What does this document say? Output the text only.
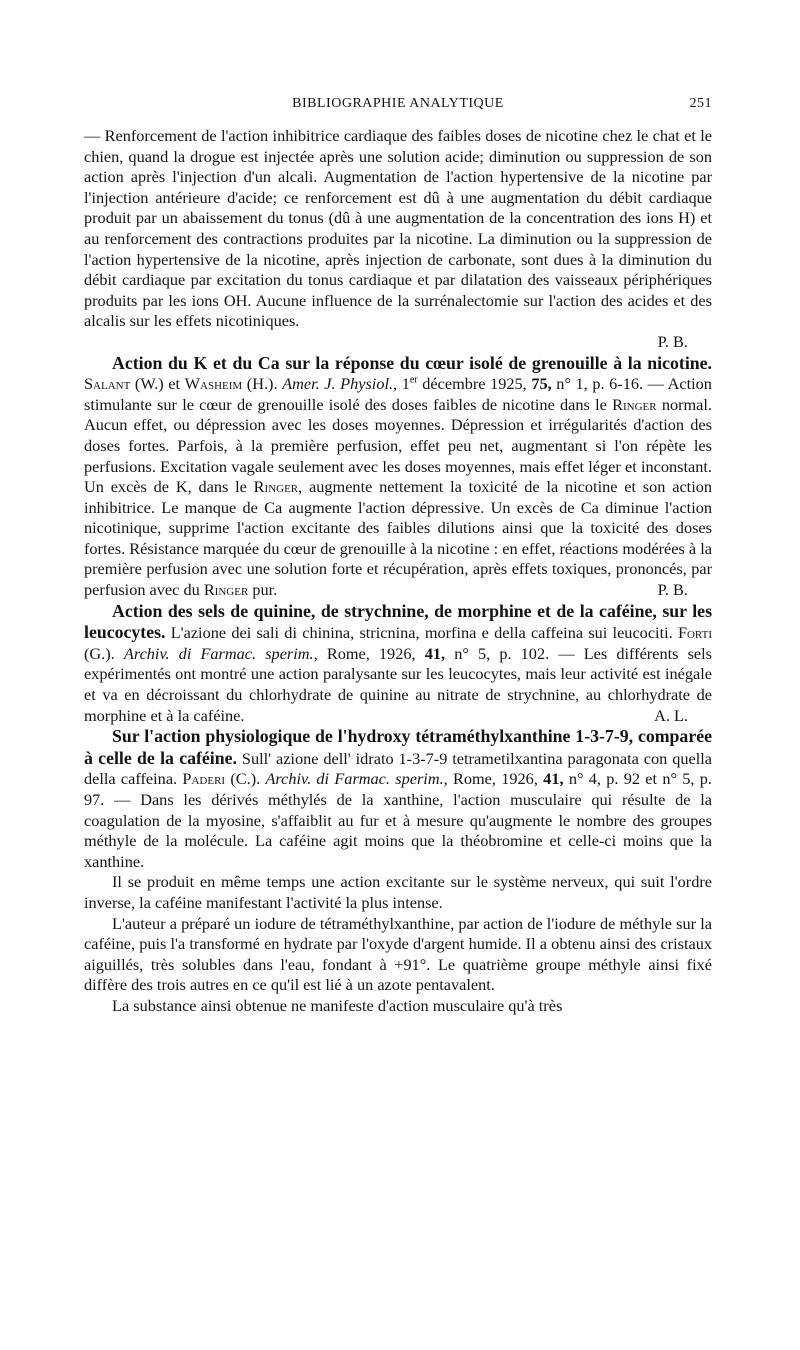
BIBLIOGRAPHIE ANALYTIQUE	251

— Renforcement de l'action inhibitrice cardiaque des faibles doses de nicotine chez le chat et le chien, quand la drogue est injectée après une solution acide; diminution ou suppression de son action après l'injection d'un alcali. Augmentation de l'action hypertensive de la nicotine par l'injection antérieure d'acide; ce renforcement est dû à une augmentation du débit cardiaque produit par un abaissement du tonus (dû à une augmentation de la concentration des ions H) et au renforcement des contractions produites par la nicotine. La diminution ou la suppression de l'action hypertensive de la nicotine, après injection de carbonate, sont dues à la diminution du débit cardiaque par excitation du tonus cardiaque et par dilatation des vaisseaux périphériques produits par les ions OH. Aucune influence de la surrénalectomie sur l'action des acides et des alcalis sur les effets nicotiniques.

P. B.

Action du K et du Ca sur la réponse du cœur isolé de grenouille à la nicotine. Salant (W.) et Washeim (H.). Amer. J. Physiol., 1er décembre 1925, 75, n° 1, p. 6-16. — Action stimulante sur le cœur de grenouille isolé des doses faibles de nicotine dans le Ringer normal. Aucun effet, ou dépression avec les doses moyennes. Dépression et irrégularités d'action des doses fortes. Parfois, à la première perfusion, effet peu net, augmentant si l'on répète les perfusions. Excitation vagale seulement avec les doses moyennes, mais effet léger et inconstant. Un excès de K, dans le Ringer, augmente nettement la toxicité de la nicotine et son action inhibitrice. Le manque de Ca augmente l'action dépressive. Un excès de Ca diminue l'action nicotinique, supprime l'action excitante des faibles dilutions ainsi que la toxicité des doses fortes. Résistance marquée du cœur de grenouille à la nicotine : en effet, réactions modérées à la première perfusion avec une solution forte et récupération, après effets toxiques, prononcés, par perfusion avec du Ringer pur.	P. B.

Action des sels de quinine, de strychnine, de morphine et de la caféine, sur les leucocytes. L'azione dei sali di chinina, stricnina, morfina e della caffeina sui leucociti. Forti (G.). Archiv. di Farmac. sperim., Rome, 1926, 41, n° 5, p. 102. — Les différents sels expérimentés ont montré une action paralysante sur les leucocytes, mais leur activité est inégale et va en décroissant du chlorhydrate de quinine au nitrate de strychnine, au chlorhydrate de morphine et à la caféine.	A. L.

Sur l'action physiologique de l'hydroxy tétraméthylxanthine 1-3-7-9, comparée à celle de la caféine. Sull' azione dell' idrato 1-3-7-9 tetrametilxantina paragonata con quella della caffeina. Paderi (C.). Archiv. di Farmac. sperim., Rome, 1926, 41, n° 4, p. 92 et n° 5, p. 97. — Dans les dérivés méthylés de la xanthine, l'action musculaire qui résulte de la coagulation de la myosine, s'affaiblit au fur et à mesure qu'augmente le nombre des groupes méthyle de la molécule. La caféine agit moins que la théobromine et celle-ci moins que la xanthine.

Il se produit en même temps une action excitante sur le système nerveux, qui suit l'ordre inverse, la caféine manifestant l'activité la plus intense.

L'auteur a préparé un iodure de tétraméthylxanthine, par action de l'iodure de méthyle sur la caféine, puis l'a transformé en hydrate par l'oxyde d'argent humide. Il a obtenu ainsi des cristaux aiguillés, très solubles dans l'eau, fondant à +91°. Le quatrième groupe méthyle ainsi fixé diffère des trois autres en ce qu'il est lié à un azote pentavalent.

La substance ainsi obtenue ne manifeste d'action musculaire qu'à très
